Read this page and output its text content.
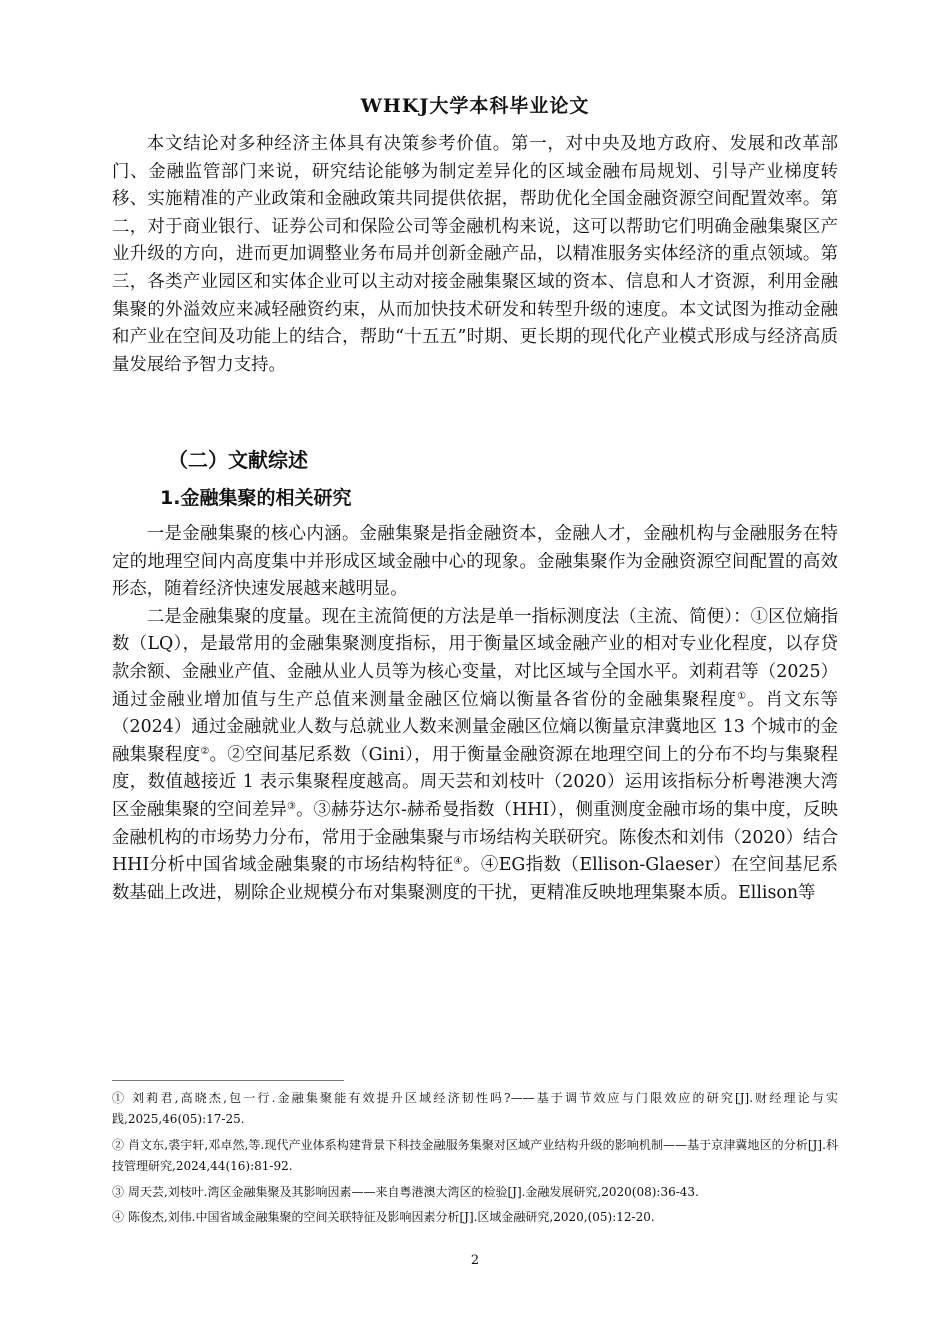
WHKJ大学本科毕业论文

本文结论对多种经济主体具有决策参考价值。第一，对中央及地方政府、发展和改革部门、金融监管部门来说，研究结论能够为制定差异化的区域金融布局规划、引导产业梯度转移、实施精准的产业政策和金融政策共同提供依据，帮助优化全国金融资源空间配置效率。第二，对于商业银行、证券公司和保险公司等金融机构来说，这可以帮助它们明确金融集聚区产业升级的方向，进而更加调整业务布局并创新金融产品，以精准服务实体经济的重点领域。第三，各类产业园区和实体企业可以主动对接金融集聚区域的资本、信息和人才资源，利用金融集聚的外溢效应来减轻融资约束，从而加快技术研发和转型升级的速度。本文试图为推动金融和产业在空间及功能上的结合，帮助“十五五”时期、更长期的现代化产业模式形成与经济高质量发展给予智力支持。

（二）文献综述
1.金融集聚的相关研究

一是金融集聚的核心内涵。金融集聚是指金融资本，金融人才，金融机构与金融服务在特定的地理空间内高度集中并形成区域金融中心的现象。金融集聚作为金融资源空间配置的高效形态，随着经济快速发展越来越明显。

二是金融集聚的度量。现在主流简便的方法是单一指标测度法（主流、简便）：①区位熵指数（LQ），是最常用的金融集聚测度指标，用于衡量区域金融产业的相对专业化程度，以存贷款余额、金融业产值、金融从业人员等为核心变量，对比区域与全国水平。刘莉君等（2025）通过金融业增加值与生产总值来测量金融区位熵以衡量各省份的金融集聚程度①。肖文东等（2024）通过金融就业人数与总就业人数来测量金融区位熵以衡量京津冀地区 13 个城市的金融集聚程度②。②空间基尼系数（Gini），用于衡量金融资源在地理空间上的分布不均与集聚程度，数值越接近 1 表示集聚程度越高。周天芸和刘枝叶（2020）运用该指标分析粤港澳大湾区金融集聚的空间差异③。③赫芬达尔-赫希曼指数（HHI），侧重测度金融市场的集中度，反映金融机构的市场势力分布，常用于金融集聚与市场结构关联研究。陈俊杰和刘伟（2020）结合HHI分析中国省域金融集聚的市场结构特征④。④EG指数（Ellison-Glaeser）在空间基尼系数基础上改进，剔除企业规模分布对集聚测度的干扰，更精准反映地理集聚本质。Ellison等

① 刘莉君,高晓杰,包一行.金融集聚能有效提升区域经济韧性吗?——基于调节效应与门限效应的研究[J].财经理论与实践,2025,46(05):17-25.

② 肖文东,裘宇轩,邓卓然,等.现代产业体系构建背景下科技金融服务集聚对区域产业结构升级的影响机制——基于京津冀地区的分析[J].科技管理研究,2024,44(16):81-92.

③ 周天芸,刘枝叶.湾区金融集聚及其影响因素——来自粤港澳大湾区的检验[J].金融发展研究,2020(08):36-43.

④ 陈俊杰,刘伟.中国省域金融集聚的空间关联特征及影响因素分析[J].区域金融研究,2020,(05):12-20.

2
